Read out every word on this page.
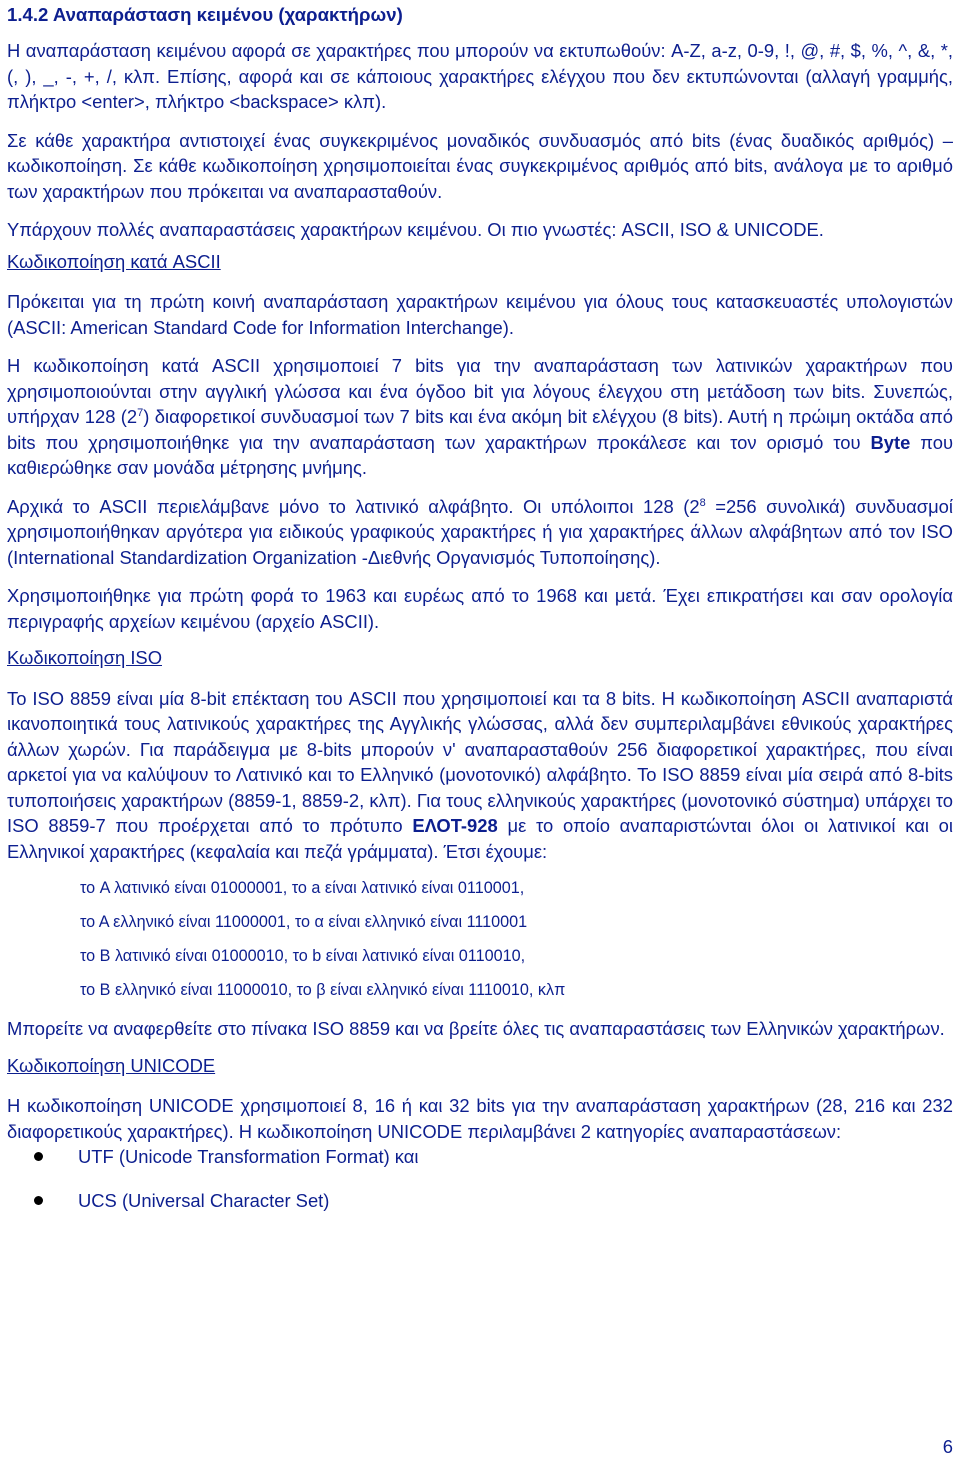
1.4.2 Αναπαράσταση κειμένου (χαρακτήρων)

Η αναπαράσταση κειμένου αφορά σε χαρακτήρες που μπορούν να εκτυπωθούν: A-Z, a-z, 0-9, !, @, #, $, %, ^, &, *, (, ), _, -, +, /, κλπ. Επίσης, αφορά και σε κάποιους χαρακτήρες ελέγχου που δεν εκτυπώνονται (αλλαγή γραμμής, πλήκτρο <enter>, πλήκτρο <backspace> κλπ).

Σε κάθε χαρακτήρα αντιστοιχεί ένας συγκεκριμένος μοναδικός συνδυασμός από bits (ένας δυαδικός αριθμός) –κωδικοποίηση. Σε κάθε κωδικοποίηση χρησιμοποιείται ένας συγκεκριμένος αριθμός από bits, ανάλογα με το αριθμό των χαρακτήρων που πρόκειται να αναπαρασταθούν.

Υπάρχουν πολλές αναπαραστάσεις χαρακτήρων κειμένου. Οι πιο γνωστές: ASCII, ISO & UNICODE.

Κωδικοποίηση κατά ASCII

Πρόκειται για τη πρώτη κοινή αναπαράσταση χαρακτήρων κειμένου για όλους τους κατασκευαστές υπολογιστών (ASCII: American Standard Code for Information Interchange).

Η κωδικοποίηση κατά ASCII χρησιμοποιεί 7 bits για την αναπαράσταση των λατινικών χαρακτήρων που χρησιμοποιούνται στην αγγλική γλώσσα και ένα όγδοο bit για λόγους έλεγχου στη μετάδοση των bits. Συνεπώς, υπήρχαν 128 $(2^7)$ διαφορετικοί συνδυασμοί των 7 bits και ένα ακόμη bit ελέγχου (8 bits). Αυτή η πρώιμη οκτάδα από bits που χρησιμοποιήθηκε για την αναπαράσταση των χαρακτήρων προκάλεσε και τον ορισμό του Byte που καθιερώθηκε σαν μονάδα μέτρησης μνήμης.

Αρχικά το ASCII περιελάμβανε μόνο το λατινικό αλφάβητο. Οι υπόλοιποι 128 ($2^8 =256$ συνολικά) συνδυασμοί χρησιμοποιήθηκαν αργότερα για ειδικούς γραφικούς χαρακτήρες ή για χαρακτήρες άλλων αλφάβητων από τον ISO (International Standardization Organization -Διεθνής Οργανισμός Τυποποίησης).

Χρησιμοποιήθηκε για πρώτη φορά το 1963 και ευρέως από το 1968 και μετά. Έχει επικρατήσει και σαν ορολογία περιγραφής αρχείων κειμένου (αρχείο ASCII).

Κωδικοποίηση ISO

Το ISO 8859 είναι μία 8-bit επέκταση του ASCII που χρησιμοποιεί και τα 8 bits. Η κωδικοποίηση ASCII αναπαριστά ικανοποιητικά τους λατινικούς χαρακτήρες της Αγγλικής γλώσσας, αλλά δεν συμπεριλαμβάνει εθνικούς χαρακτήρες άλλων χωρών. Για παράδειγμα με 8-bits μπορούν ν' αναπαρασταθούν 256 διαφορετικοί χαρακτήρες, που είναι αρκετοί για να καλύψουν το Λατινικό και το Ελληνικό (μονοτονικό) αλφάβητο. Το ISO 8859 είναι μία σειρά από 8-bits τυποποιήσεις χαρακτήρων (8859-1, 8859-2, κλπ). Για τους ελληνικούς χαρακτήρες (μονοτονικό σύστημα) υπάρχει το ISO 8859-7 που προέρχεται από το πρότυπο ΕΛΟΤ-928 με το οποίο αναπαριστώνται όλοι οι λατινικοί και οι Ελληνικοί χαρακτήρες (κεφαλαία και πεζά γράμματα). Έτσι έχουμε:

το A λατινικό είναι 01000001, το a είναι λατινικό είναι 0110001,

το Α ελληνικό είναι 11000001, το α είναι ελληνικό είναι 1110001

το B λατινικό είναι 01000010, το b είναι λατινικό είναι 0110010,

το Β ελληνικό είναι 11000010, το β είναι ελληνικό είναι 1110010, κλπ

Μπορείτε να αναφερθείτε στο πίνακα ISO 8859 και να βρείτε όλες τις αναπαραστάσεις των Ελληνικών χαρακτήρων.

Κωδικοποίηση UNICODE

Η κωδικοποίηση UNICODE χρησιμοποιεί 8, 16 ή και 32 bits για την αναπαράσταση χαρακτήρων (28, 216 και 232 διαφορετικούς χαρακτήρες). Η κωδικοποίηση UNICODE περιλαμβάνει 2 κατηγορίες αναπαραστάσεων:

UTF (Unicode Transformation Format) και
UCS (Universal Character Set)
6
